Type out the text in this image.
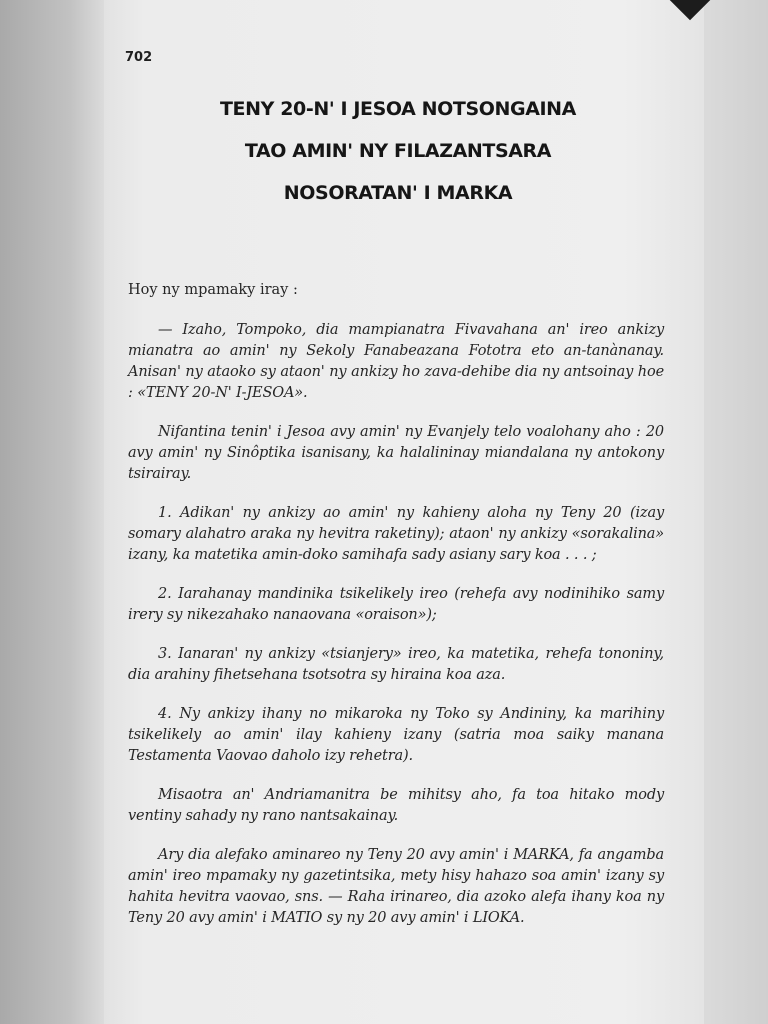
702

TENY 20-N' I JESOA NOTSONGAINA
TAO AMIN' NY FILAZANTSARA
NOSORATAN' I MARKA

Hoy ny mpamaky iray :

— Izaho, Tompoko, dia mampianatra Fivavahana an' ireo ankizy mianatra ao amin' ny Sekoly Fanabeazana Fototra eto an-tanànanay. Anisan' ny ataoko sy ataon' ny ankizy ho zava-dehibe dia ny antsoinay hoe : «TENY 20-N' I-JESOA».

Nifantina tenin' i Jesoa avy amin' ny Evanjely telo voalohany aho : 20 avy amin' ny Sinôptika isanisany, ka halalininay miandalana ny antokony tsirairay.

1. Adikan' ny ankizy ao amin' ny kahieny aloha ny Teny 20 (izay somary alahatro araka ny hevitra raketiny); ataon' ny ankizy «sorakalina» izany, ka matetika amin-doko samihafa sady asiany sary koa . . . ;

2. Iarahanay mandinika tsikelikely ireo (rehefa avy nodinihiko samy irery sy nikezahako nanaovana «oraison»);

3. Ianaran' ny ankizy «tsianjery» ireo, ka matetika, rehefa tononiny, dia arahiny fihetsehana tsotsotra sy hiraina koa aza.

4. Ny ankizy ihany no mikaroka ny Toko sy Andininy, ka marihiny tsikelikely ao amin' ilay kahieny izany (satria moa saiky manana Testamenta Vaovao daholo izy rehetra).

Misaotra an' Andriamanitra be mihitsy aho, fa toa hitako mody ventiny sahady ny rano nantsakainay.

Ary dia alefako aminareo ny Teny 20 avy amin' i MARKA, fa angamba amin' ireo mpamaky ny gazetintsika, mety hisy hahazo soa amin' izany sy hahita hevitra vaovao, sns. — Raha irinareo, dia azoko alefa ihany koa ny Teny 20 avy amin' i MATIO sy ny 20 avy amin' i LIOKA.
